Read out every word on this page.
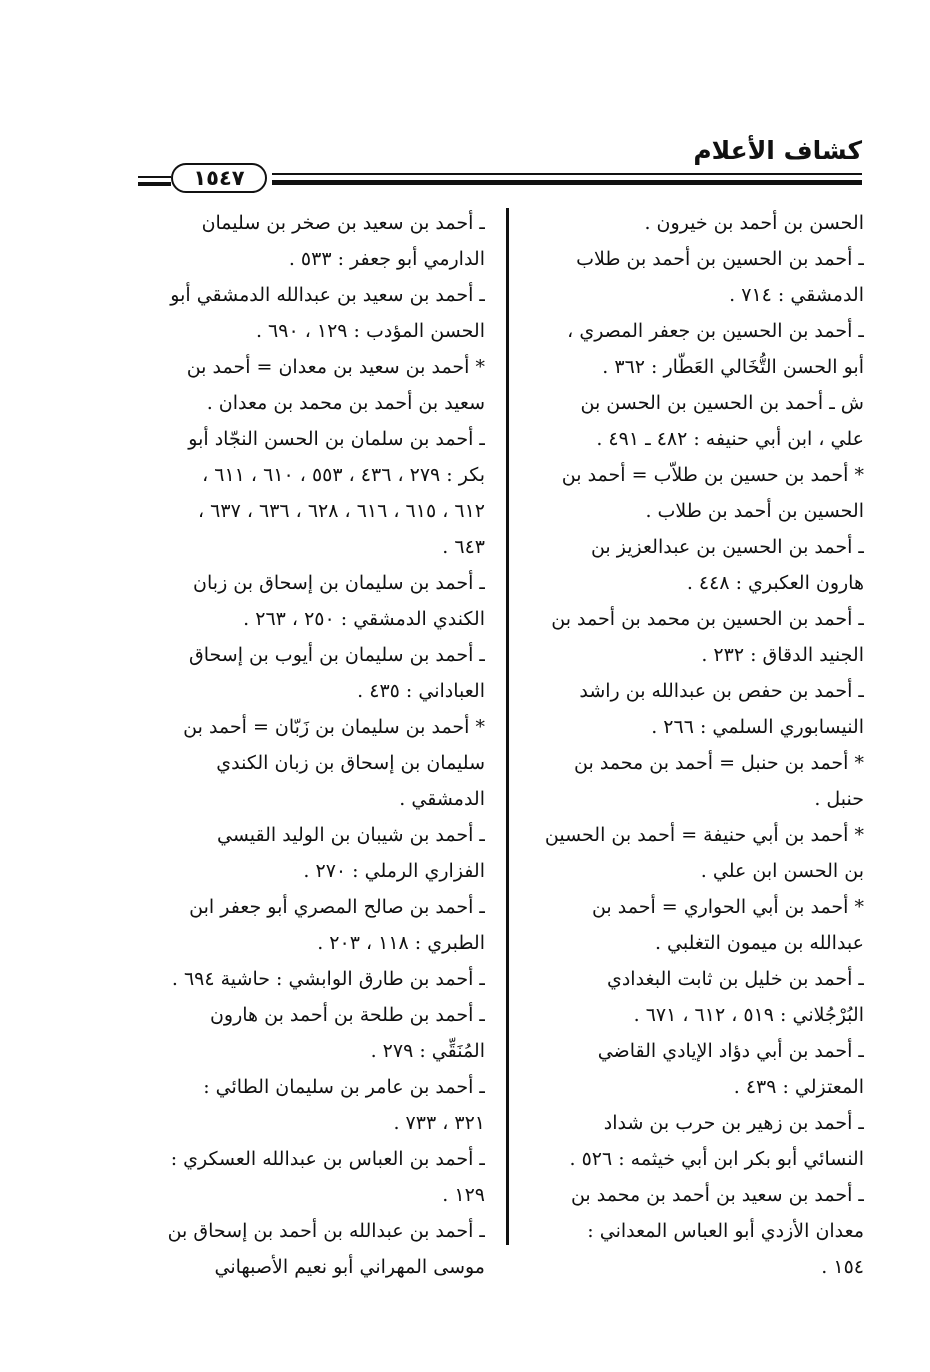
كشاف الأعلام
١٥٤٧
الحسن بن أحمد بن خيرون .
ـ أحمد بن الحسين بن أحمد بن طلاب
الدمشقي : ٧١٤ .
ـ أحمد بن الحسين بن جعفر المصري ،
أبو الحسن التُّخَالي العَطّار : ٣٦٢ .
ش ـ أحمد بن الحسين بن الحسن بن
علي ، ابن أبي حنيفه : ٤٨٢ ـ ٤٩١ .
* أحمد بن حسين بن طلاّب = أحمد بن
الحسين بن أحمد بن طلاب .
ـ أحمد بن الحسين بن عبدالعزيز بن
هارون العكبري : ٤٤٨ .
ـ أحمد بن الحسين بن محمد بن أحمد بن
الجنيد الدقاق : ٢٣٢ .
ـ أحمد بن حفص بن عبدالله بن راشد
النيسابوري السلمي : ٢٦٦ .
* أحمد بن حنبل = أحمد بن محمد بن
حنبل .
* أحمد بن أبي حنيفة = أحمد بن الحسين
بن الحسن ابن علي .
* أحمد بن أبي الحواري = أحمد بن
عبدالله بن ميمون التغلبي .
ـ أحمد بن خليل بن ثابت البغدادي
البُرْجُلاني : ٥١٩ ، ٦١٢ ، ٦٧١ .
ـ أحمد بن أبي دؤاد الإيادي القاضي
المعتزلي : ٤٣٩ .
ـ أحمد بن زهير بن حرب بن شداد
النسائي أبو بكر ابن أبي خيثمه : ٥٢٦ .
ـ أحمد بن سعيد بن أحمد بن محمد بن
معدان الأزدي أبو العباس المعداني :
١٥٤ .
ـ أحمد بن سعيد بن صخر بن سليمان
الدارمي أبو جعفر : ٥٣٣ .
ـ أحمد بن سعيد بن عبدالله الدمشقي أبو
الحسن المؤدب : ١٢٩ ، ٦٩٠ .
* أحمد بن سعيد بن معدان = أحمد بن
سعيد بن أحمد بن محمد بن معدان .
ـ أحمد بن سلمان بن الحسن النجّاد أبو
بكر : ٢٧٩ ، ٤٣٦ ، ٥٥٣ ، ٦١٠ ، ٦١١ ،
٦١٢ ، ٦١٥ ، ٦١٦ ، ٦٢٨ ، ٦٣٦ ، ٦٣٧ ،
٦٤٣ .
ـ أحمد بن سليمان بن إسحاق بن زبان
الكندي الدمشقي : ٢٥٠ ، ٢٦٣ .
ـ أحمد بن سليمان بن أيوب بن إسحاق
العباداني : ٤٣٥ .
* أحمد بن سليمان بن زَبّان = أحمد بن
سليمان بن إسحاق بن زبان الكندي
الدمشقي .
ـ أحمد بن شيبان بن الوليد القيسي
الفزاري الرملي : ٢٧٠ .
ـ أحمد بن صالح المصري أبو جعفر ابن
الطبري : ١١٨ ، ٢٠٣ .
ـ أحمد بن طارق الوابشي : حاشية ٦٩٤ .
ـ أحمد بن طلحة بن أحمد بن هارون
المُنَقِّي : ٢٧٩ .
ـ أحمد بن عامر بن سليمان الطائي :
٣٢١ ، ٧٣٣ .
ـ أحمد بن العباس بن عبدالله العسكري :
١٢٩ .
ـ أحمد بن عبدالله بن أحمد بن إسحاق بن
موسى المهراني أبو نعيم الأصبهاني
